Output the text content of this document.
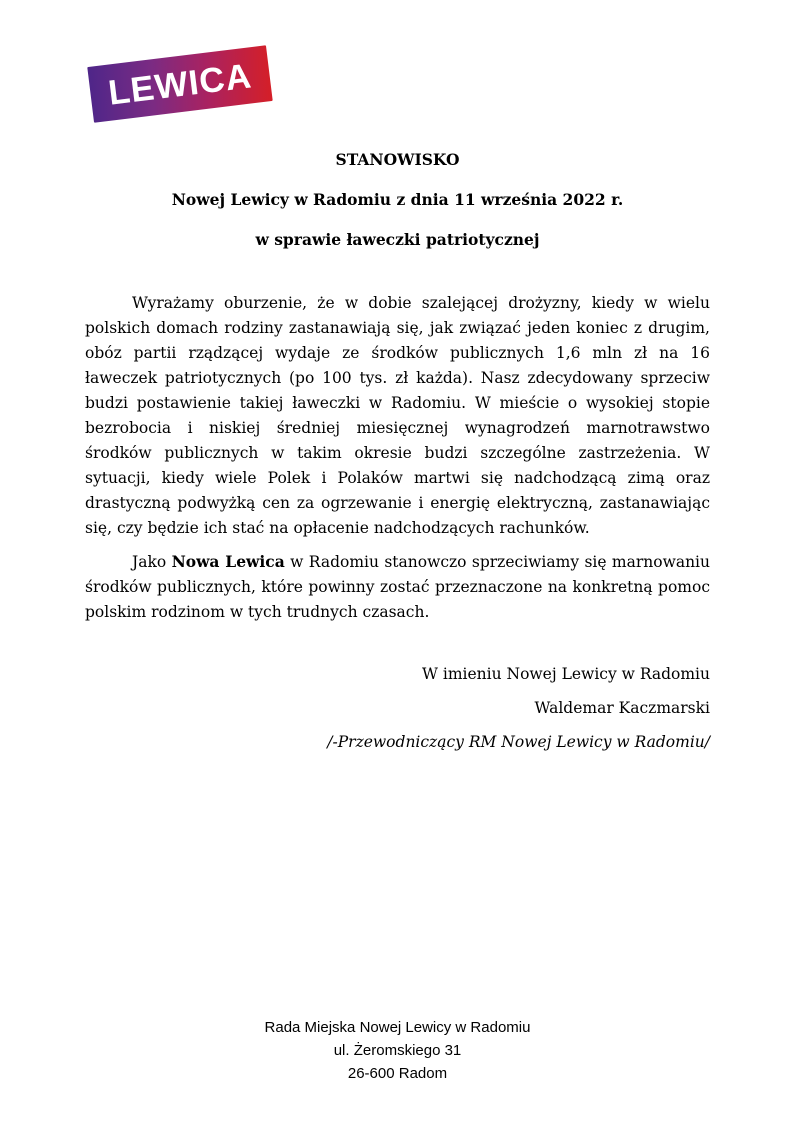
LEWICA
STANOWISKO
Nowej Lewicy w Radomiu z dnia 11 września 2022 r.
w sprawie ławeczki patriotycznej

Wyrażamy oburzenie, że w dobie szalejącej drożyzny, kiedy w wielu polskich domach rodziny zastanawiają się, jak związać jeden koniec z drugim, obóz partii rządzącej wydaje ze środków publicznych 1,6 mln zł na 16 ławeczek patriotycznych (po 100 tys. zł każda). Nasz zdecydowany sprzeciw budzi postawienie takiej ławeczki w Radomiu. W mieście o wysokiej stopie bezrobocia i niskiej średniej miesięcznej wynagrodzeń marnotrawstwo środków publicznych w takim okresie budzi szczególne zastrzeżenia. W sytuacji, kiedy wiele Polek i Polaków martwi się nadchodzącą zimą oraz drastyczną podwyżką cen za ogrzewanie i energię elektryczną, zastanawiając się, czy będzie ich stać na opłacenie nadchodzących rachunków.

Jako Nowa Lewica w Radomiu stanowczo sprzeciwiamy się marnowaniu środków publicznych, które powinny zostać przeznaczone na konkretną pomoc polskim rodzinom w tych trudnych czasach.

W imieniu Nowej Lewicy w Radomiu
Waldemar Kaczmarski
/-Przewodniczący RM Nowej Lewicy w Radomiu/
Rada Miejska Nowej Lewicy w Radomiu
ul. Żeromskiego 31
26-600 Radom
